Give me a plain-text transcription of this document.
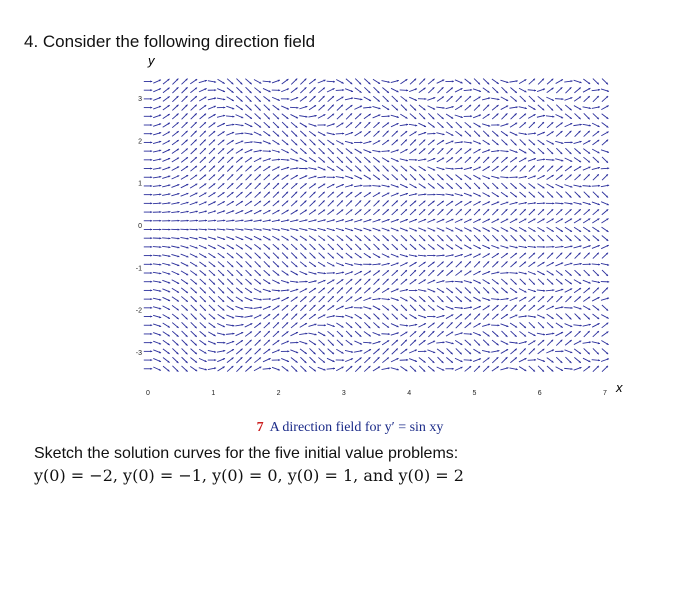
4. Consider the following direction field
y
x
3
2
1
0
-1
-2
-3
0	1	2	3	4	5	6	7
7 A direction field for y′ = sin xy
Sketch the solution curves for the five initial value problems:
y(0) = −2, y(0) = −1, y(0) = 0, y(0) = 1, and y(0) = 2
